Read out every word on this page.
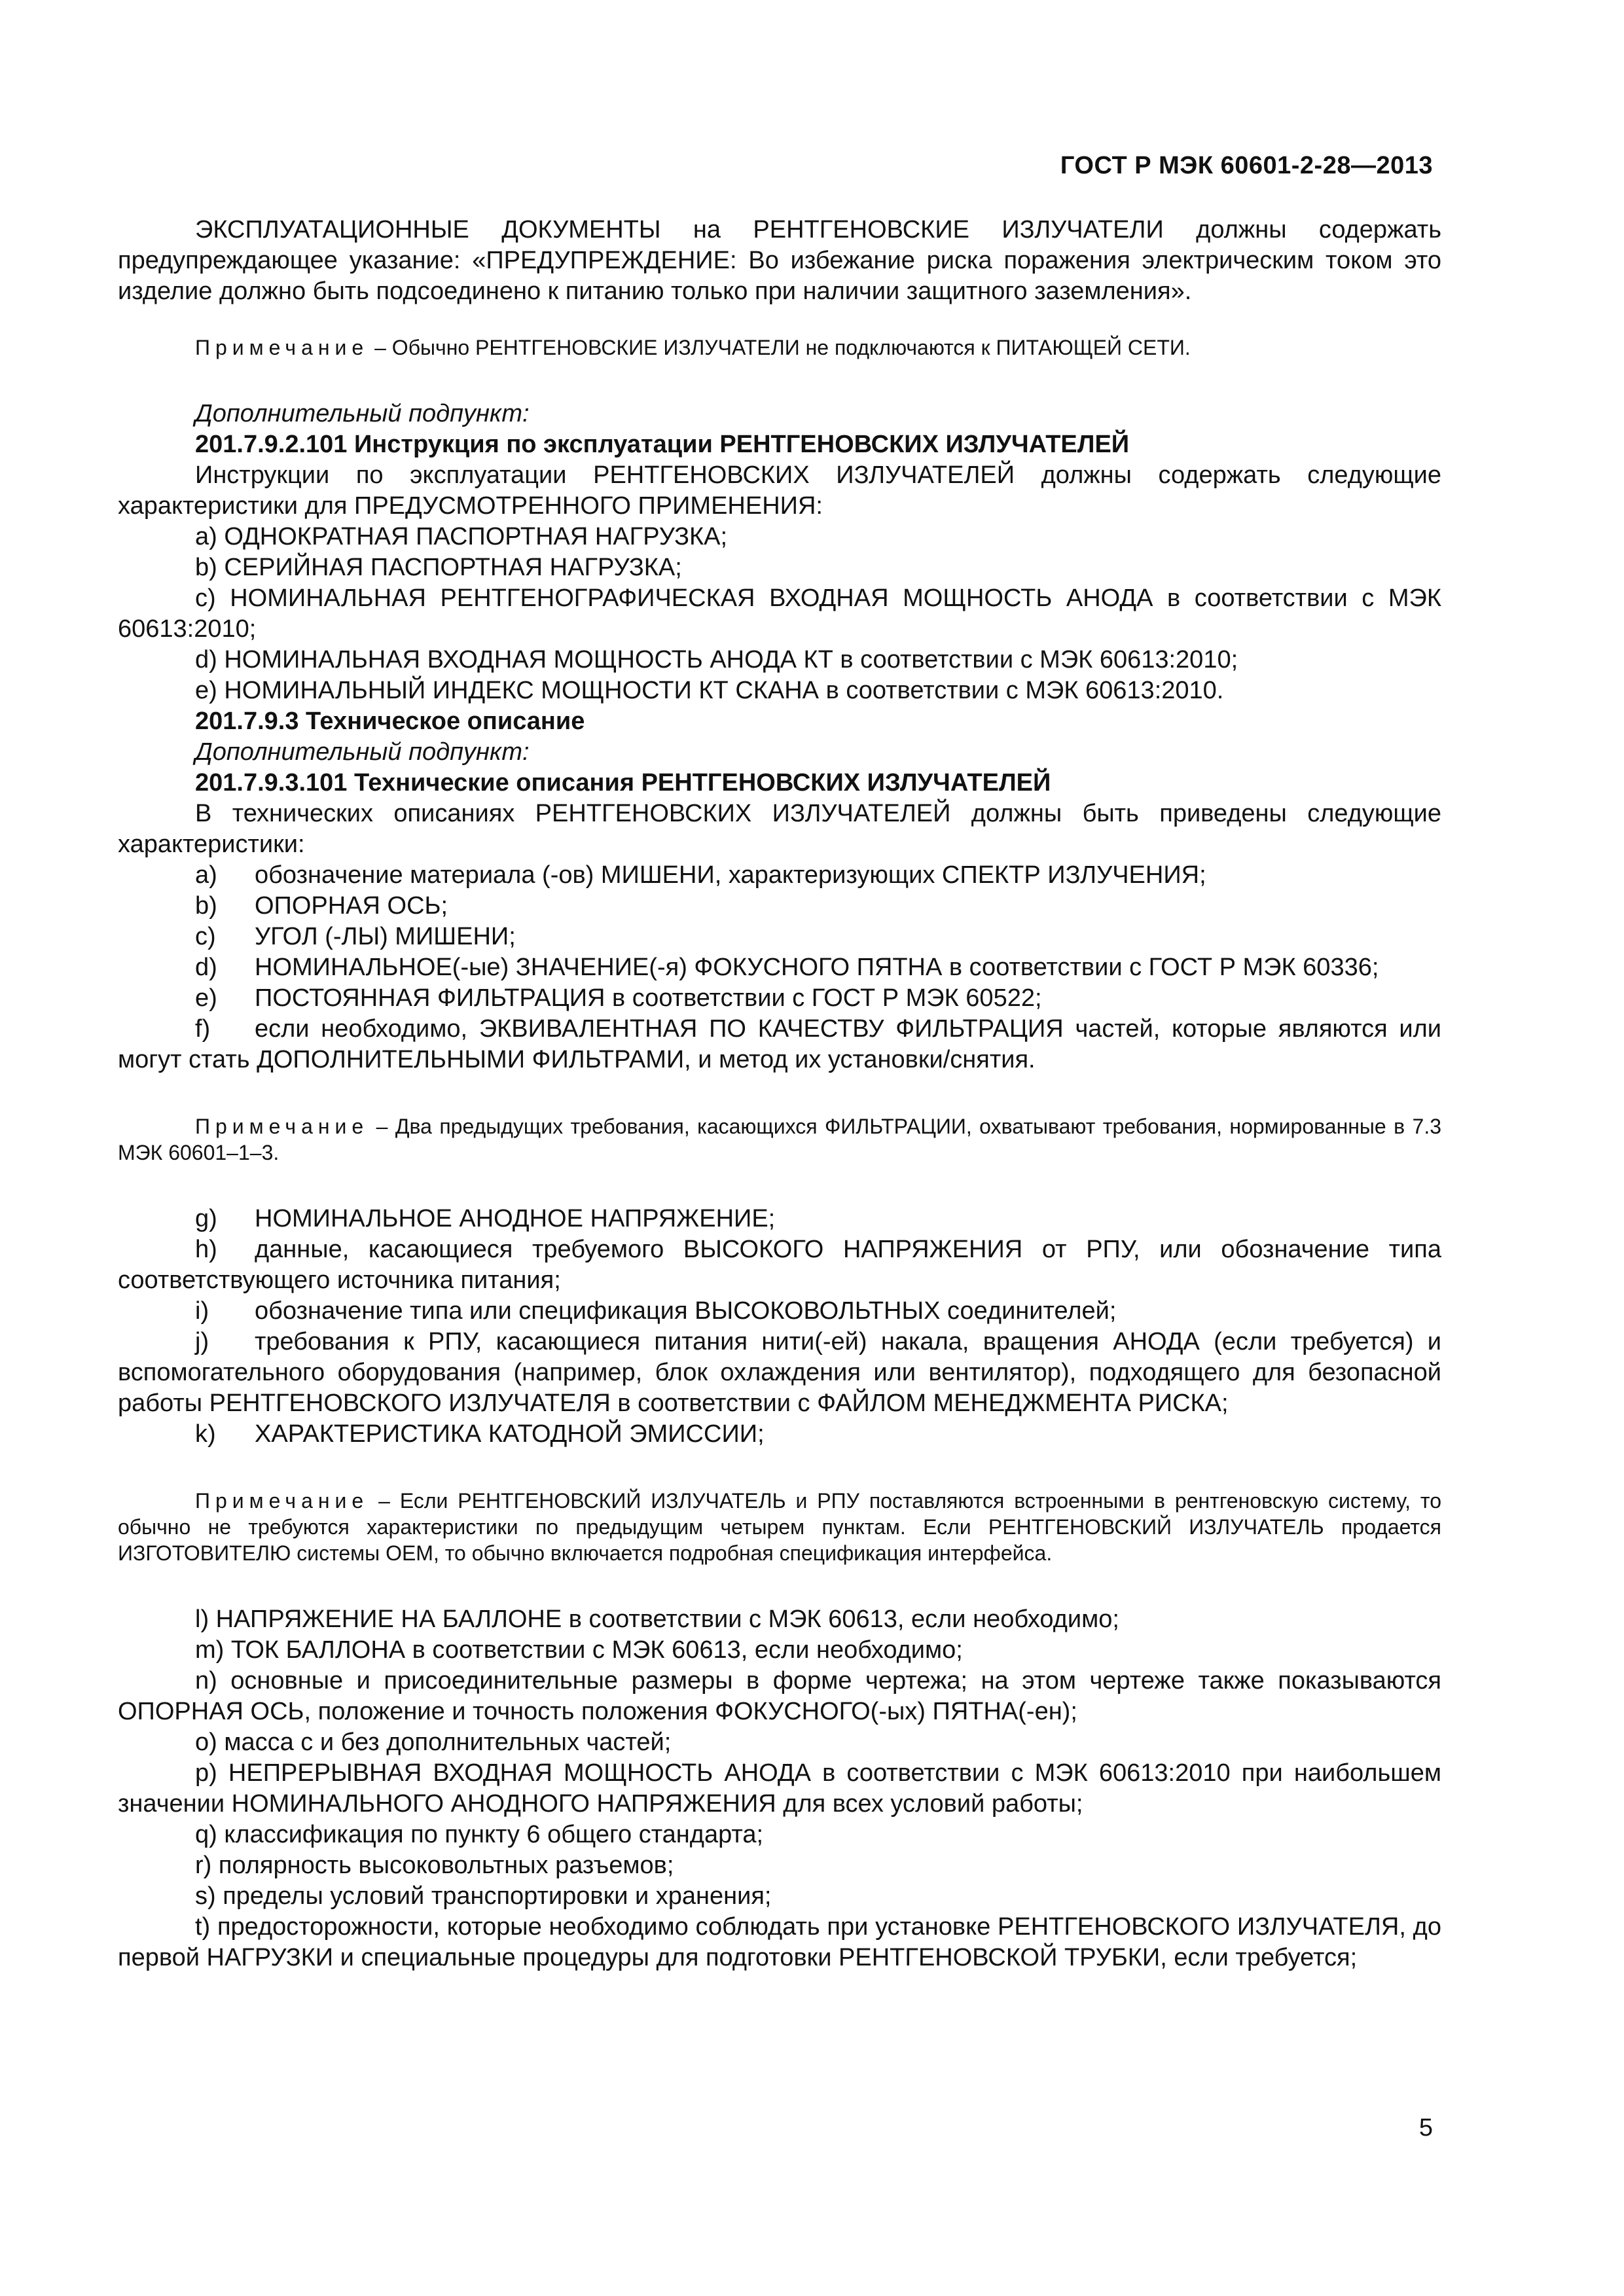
ГОСТ Р МЭК 60601-2-28—2013

ЭКСПЛУАТАЦИОННЫЕ ДОКУМЕНТЫ на РЕНТГЕНОВСКИЕ ИЗЛУЧАТЕЛИ должны содержать предупреждающее указание: «ПРЕДУПРЕЖДЕНИЕ: Во избежание риска поражения электрическим током это изделие должно быть подсоединено к питанию только при наличии защитного заземления».

Примечание – Обычно РЕНТГЕНОВСКИЕ ИЗЛУЧАТЕЛИ не подключаются к ПИТАЮЩЕЙ СЕТИ.

Дополнительный подпункт:

201.7.9.2.101 Инструкция по эксплуатации РЕНТГЕНОВСКИХ ИЗЛУЧАТЕЛЕЙ

Инструкции по эксплуатации РЕНТГЕНОВСКИХ ИЗЛУЧАТЕЛЕЙ должны содержать следующие характеристики для ПРЕДУСМОТРЕННОГО ПРИМЕНЕНИЯ:

a) ОДНОКРАТНАЯ ПАСПОРТНАЯ НАГРУЗКА;

b) СЕРИЙНАЯ ПАСПОРТНАЯ НАГРУЗКА;

c) НОМИНАЛЬНАЯ РЕНТГЕНОГРАФИЧЕСКАЯ ВХОДНАЯ МОЩНОСТЬ АНОДА в соответствии с МЭК 60613:2010;

d) НОМИНАЛЬНАЯ ВХОДНАЯ МОЩНОСТЬ АНОДА КТ в соответствии с МЭК 60613:2010;

e) НОМИНАЛЬНЫЙ ИНДЕКС МОЩНОСТИ КТ СКАНА в соответствии с МЭК 60613:2010.

201.7.9.3 Техническое описание

Дополнительный подпункт:

201.7.9.3.101 Технические описания РЕНТГЕНОВСКИХ ИЗЛУЧАТЕЛЕЙ

В технических описаниях РЕНТГЕНОВСКИХ ИЗЛУЧАТЕЛЕЙ должны быть приведены следующие характеристики:

a) обозначение материала (-ов) МИШЕНИ, характеризующих СПЕКТР ИЗЛУЧЕНИЯ;

b) ОПОРНАЯ ОСЬ;

c) УГОЛ (-ЛЫ) МИШЕНИ;

d) НОМИНАЛЬНОЕ(-ые) ЗНАЧЕНИЕ(-я) ФОКУСНОГО ПЯТНА в соответствии с ГОСТ Р МЭК 60336;

e) ПОСТОЯННАЯ ФИЛЬТРАЦИЯ в соответствии с ГОСТ Р МЭК 60522;

f) если необходимо, ЭКВИВАЛЕНТНАЯ ПО КАЧЕСТВУ ФИЛЬТРАЦИЯ частей, которые являются или могут стать ДОПОЛНИТЕЛЬНЫМИ ФИЛЬТРАМИ, и метод их установки/снятия.

Примечание – Два предыдущих требования, касающихся ФИЛЬТРАЦИИ, охватывают требования, нормированные в 7.3 МЭК 60601–1–3.

g) НОМИНАЛЬНОЕ АНОДНОЕ НАПРЯЖЕНИЕ;

h) данные, касающиеся требуемого ВЫСОКОГО НАПРЯЖЕНИЯ от РПУ, или обозначение типа соответствующего источника питания;

i) обозначение типа или спецификация ВЫСОКОВОЛЬТНЫХ соединителей;

j) требования к РПУ, касающиеся питания нити(-ей) накала, вращения АНОДА (если требуется) и вспомогательного оборудования (например, блок охлаждения или вентилятор), подходящего для безопасной работы РЕНТГЕНОВСКОГО ИЗЛУЧАТЕЛЯ в соответствии с ФАЙЛОМ МЕНЕДЖМЕНТА РИСКА;

k) ХАРАКТЕРИСТИКА КАТОДНОЙ ЭМИССИИ;

Примечание – Если РЕНТГЕНОВСКИЙ ИЗЛУЧАТЕЛЬ и РПУ поставляются встроенными в рентгеновскую систему, то обычно не требуются характеристики по предыдущим четырем пунктам. Если РЕНТГЕНОВСКИЙ ИЗЛУЧАТЕЛЬ продается ИЗГОТОВИТЕЛЮ системы ОЕМ, то обычно включается подробная спецификация интерфейса.

l) НАПРЯЖЕНИЕ НА БАЛЛОНЕ в соответствии с МЭК 60613, если необходимо;

m) ТОК БАЛЛОНА в соответствии с МЭК 60613, если необходимо;

n) основные и присоединительные размеры в форме чертежа; на этом чертеже также показываются ОПОРНАЯ ОСЬ, положение и точность положения ФОКУСНОГО(-ых) ПЯТНА(-ен);

o) масса с и без дополнительных частей;

p) НЕПРЕРЫВНАЯ ВХОДНАЯ МОЩНОСТЬ АНОДА в соответствии с МЭК 60613:2010 при наибольшем значении НОМИНАЛЬНОГО АНОДНОГО НАПРЯЖЕНИЯ для всех условий работы;

q) классификация по пункту 6 общего стандарта;

r) полярность высоковольтных разъемов;

s) пределы условий транспортировки и хранения;

t) предосторожности, которые необходимо соблюдать при установке РЕНТГЕНОВСКОГО ИЗЛУЧАТЕЛЯ, до первой НАГРУЗКИ и специальные процедуры для подготовки РЕНТГЕНОВСКОЙ ТРУБКИ, если требуется;

5
